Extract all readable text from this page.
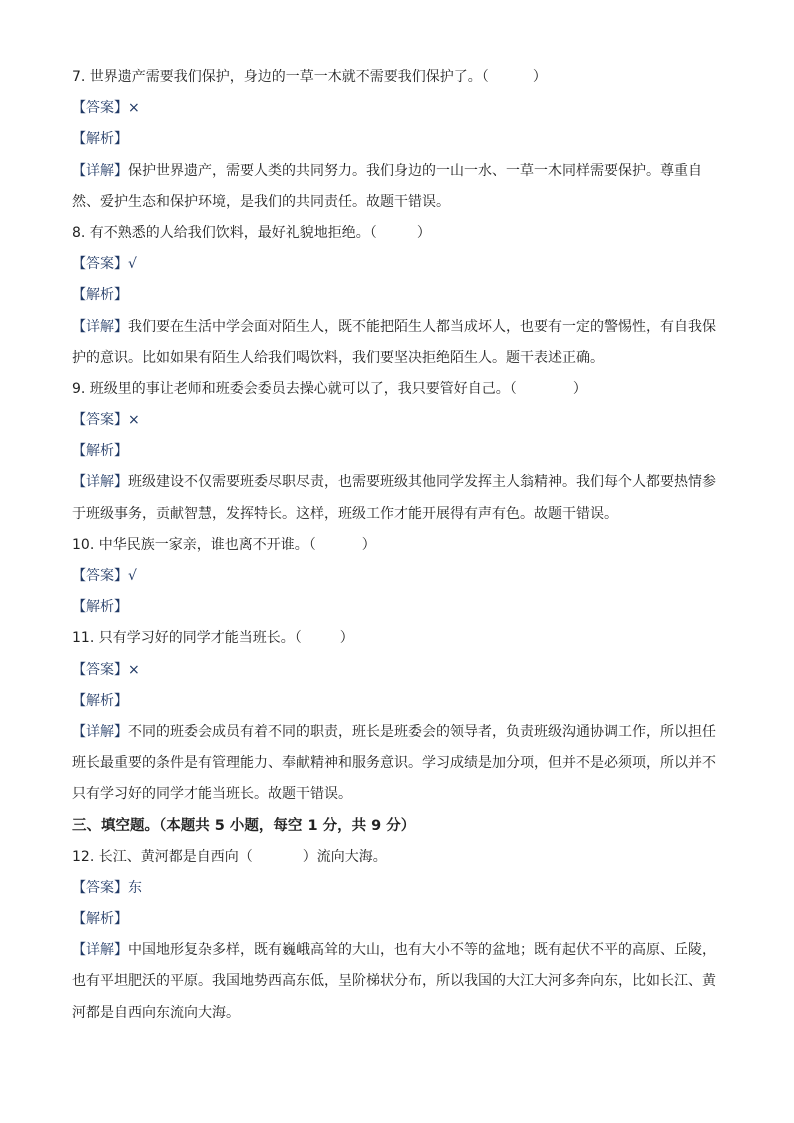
7. 世界遗产需要我们保护，身边的一草一木就不需要我们保护了。（	）
【答案】×
【解析】
【详解】保护世界遗产，需要人类的共同努力。我们身边的一山一水、一草一木同样需要保护。尊重自
然、爱护生态和保护环境，是我们的共同责任。故题干错误。
8. 有不熟悉的人给我们饮料，最好礼貌地拒绝。（	）
【答案】√
【解析】
【详解】我们要在生活中学会面对陌生人，既不能把陌生人都当成坏人，也要有一定的警惕性，有自我保
护的意识。比如如果有陌生人给我们喝饮料，我们要坚决拒绝陌生人。题干表述正确。
9. 班级里的事让老师和班委会委员去操心就可以了，我只要管好自己。（	）
【答案】×
【解析】
【详解】班级建设不仅需要班委尽职尽责，也需要班级其他同学发挥主人翁精神。我们每个人都要热情参
于班级事务，贡献智慧，发挥特长。这样，班级工作才能开展得有声有色。故题干错误。
10. 中华民族一家亲，谁也离不开谁。（	）
【答案】√
【解析】
11. 只有学习好的同学才能当班长。（	）
【答案】×
【解析】
【详解】不同的班委会成员有着不同的职责，班长是班委会的领导者，负责班级沟通协调工作，所以担任
班长最重要的条件是有管理能力、奉献精神和服务意识。学习成绩是加分项，但并不是必须项，所以并不
只有学习好的同学才能当班长。故题干错误。
三、填空题。（本题共 5 小题，每空 1 分，共 9 分）
12. 长江、黄河都是自西向（	）流向大海。
【答案】东
【解析】
【详解】中国地形复杂多样，既有巍峨高耸的大山，也有大小不等的盆地；既有起伏不平的高原、丘陵，
也有平坦肥沃的平原。我国地势西高东低，呈阶梯状分布，所以我国的大江大河多奔向东，比如长江、黄
河都是自西向东流向大海。
